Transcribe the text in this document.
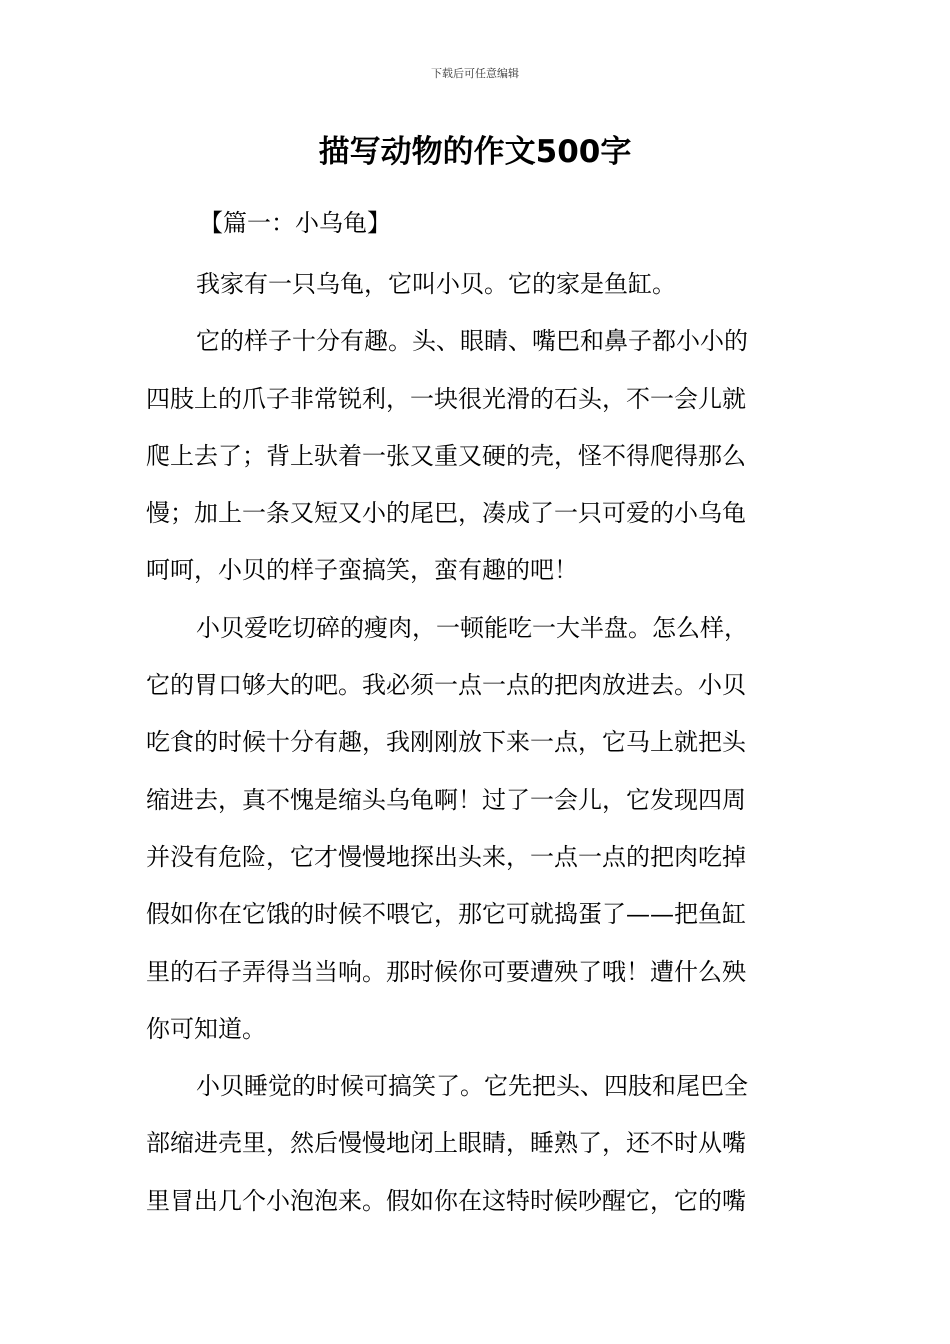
下载后可任意编辑
描写动物的作文500字
【篇一：小乌龟】

我家有一只乌龟，它叫小贝。它的家是鱼缸。

它的样子十分有趣。头、眼睛、嘴巴和鼻子都小小的
四肢上的爪子非常锐利，一块很光滑的石头，不一会儿就
爬上去了；背上驮着一张又重又硬的壳，怪不得爬得那么
慢；加上一条又短又小的尾巴，凑成了一只可爱的小乌龟
呵呵，小贝的样子蛮搞笑，蛮有趣的吧！

小贝爱吃切碎的瘦肉，一顿能吃一大半盘。怎么样，
它的胃口够大的吧。我必须一点一点的把肉放进去。小贝
吃食的时候十分有趣，我刚刚放下来一点，它马上就把头
缩进去，真不愧是缩头乌龟啊！过了一会儿，它发现四周
并没有危险，它才慢慢地探出头来，一点一点的把肉吃掉
假如你在它饿的时候不喂它，那它可就捣蛋了——把鱼缸
里的石子弄得当当响。那时候你可要遭殃了哦！遭什么殃
你可知道。

小贝睡觉的时候可搞笑了。它先把头、四肢和尾巴全
部缩进壳里，然后慢慢地闭上眼睛，睡熟了，还不时从嘴
里冒出几个小泡泡来。假如你在这特时候吵醒它，它的嘴
